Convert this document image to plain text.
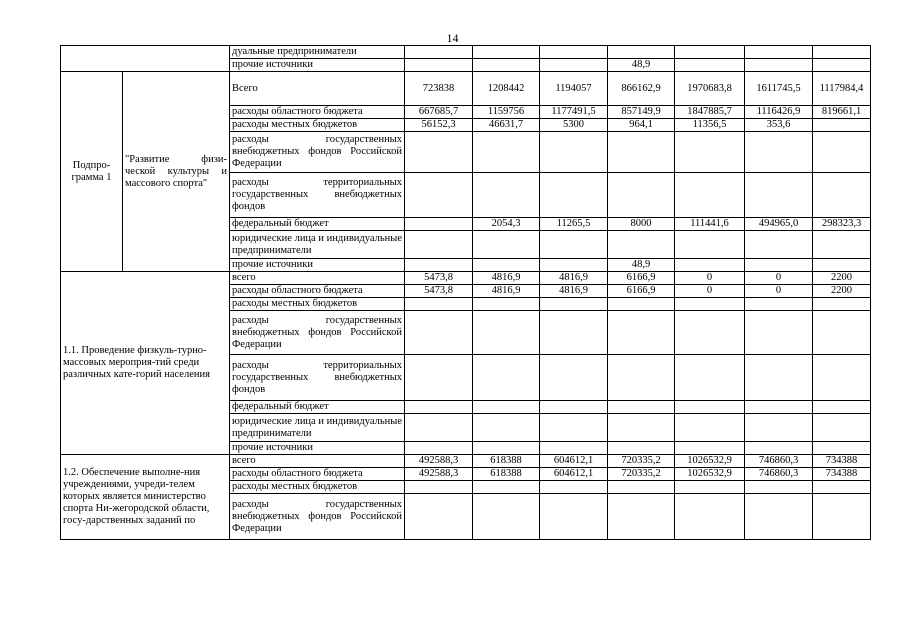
14
		дуальные предприниматели							
		прочие источники				48,9			
Подпро-грамма 1	"Развитие физи-ческой культуры и массового спорта"	Всего	723838	1208442	1194057	866162,9	1970683,8	1611745,5	1117984,4
		расходы областного бюджета	667685,7	1159756	1177491,5	857149,9	1847885,7	1116426,9	819661,1
		расходы местных бюджетов	56152,3	46631,7	5300	964,1	11356,5	353,6	
		расходы государственных внебюджетных фондов Российской Федерации							
		расходы территориальных государственных внебюджетных фондов							
		федеральный бюджет		2054,3	11265,5	8000	111441,6	494965,0	298323,3
		юридические лица и индивидуальные предприниматели							
		прочие источники				48,9			
1.1. Проведение физкуль-турно-массовых мероприя-тий среди различных кате-горий населения		всего	5473,8	4816,9	4816,9	6166,9	0	0	2200
		расходы областного бюджета	5473,8	4816,9	4816,9	6166,9	0	0	2200
		расходы местных бюджетов							
		расходы государственных внебюджетных фондов Российской Федерации							
		расходы территориальных государственных внебюджетных фондов							
		федеральный бюджет							
		юридические лица и индивидуальные предприниматели							
		прочие источники							
1.2. Обеспечение выполне-ния учреждениями, учреди-телем которых является министерство спорта Ни-жегородской области, госу-дарственных заданий по		всего	492588,3	618388	604612,1	720335,2	1026532,9	746860,3	734388
		расходы областного бюджета	492588,3	618388	604612,1	720335,2	1026532,9	746860,3	734388
		расходы местных бюджетов							
		расходы государственных внебюджетных фондов Российской Федерации							
